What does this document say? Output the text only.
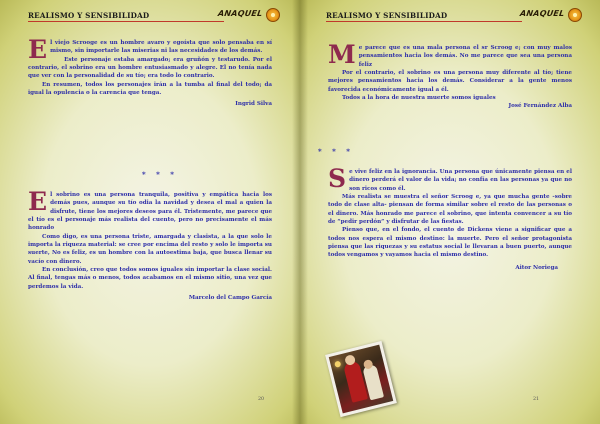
REALISMO Y SENSIBILIDAD	ANAQUEL
E l viejo Scrooge es un hombre avaro y egoísta que solo pensaba en sí mismo, sin importarle las miserias ni las necesidades de los demás.

Este personaje estaba amargado; era gruñón y testarudo. Por el contrario, el sobrino era un hombre entusiasmado y alegre. El no tenía nada que ver con la personalidad de su tío; era todo lo contrario.

En resumen, todos los personajes irán a la tumba al final del todo; da igual la opulencia o la carencia que tenga.

Ingrid Silva
* * *
E l sobrino es una persona tranquila, positiva y empática hacia los demás pues, aunque su tío odia la navidad y desea el mal a quien la disfrute, tiene los mejores deseos para él. Tristemente, me parece que el tío es el personaje más realista del cuento, pero no precisamente el más honrado

Como digo, es una persona triste, amargada y clasista, a la que solo le importa la riqueza material: se cree por encima del resto y solo le importa su suerte, No es feliz, es un hombre con la autoestima baja, que busca llenar su vacío con dinero.

En conclusión, creo que todos somos iguales sin importar la clase social. Al final, tengas más o menos, todos acabamos en el mismo sitio, una vez que perdemos la vida.

Marcelo del Campo García
20
REALISMO Y SENSIBILIDAD	ANAQUEL
M e parece que es una mala persona el sr Scroog e; con muy malos pensamientos hacia los demás. No me parece que sea una persona feliz

Por el contrario, el sobrino es una persona muy diferente al tío; tiene mejores pensamientos hacia los demás. Considerar a la gente menos favorecida económicamente igual a él.

Todos a la hora de nuestra muerte somos iguales

José Fernández Alba
* * *
S e vive feliz en la ignorancia. Una persona que únicamente piensa en el dinero perderá el valor de la vida; no confía en las personas ya que no son ricos como él.

Más realista se muestra el señor Scroog e, ya que mucha gente -sobre todo de clase alta- piensan de forma similar sobre el resto de las personas o el dinero. Más honrado me parece el sobrino, que intenta convencer a su tío de “pedir perdón” y disfrutar de las fiestas.

Pienso que, en el fondo, el cuento de Dickens viene a significar que a todos nos espera el mismo destino: la muerte. Pero el señor protagonista piensa que las riquezas y su estatus social le llevaran a buen puerto, aunque todos vengamos y vayamos hacia el mismo destino.

Aitor Noriega
21
